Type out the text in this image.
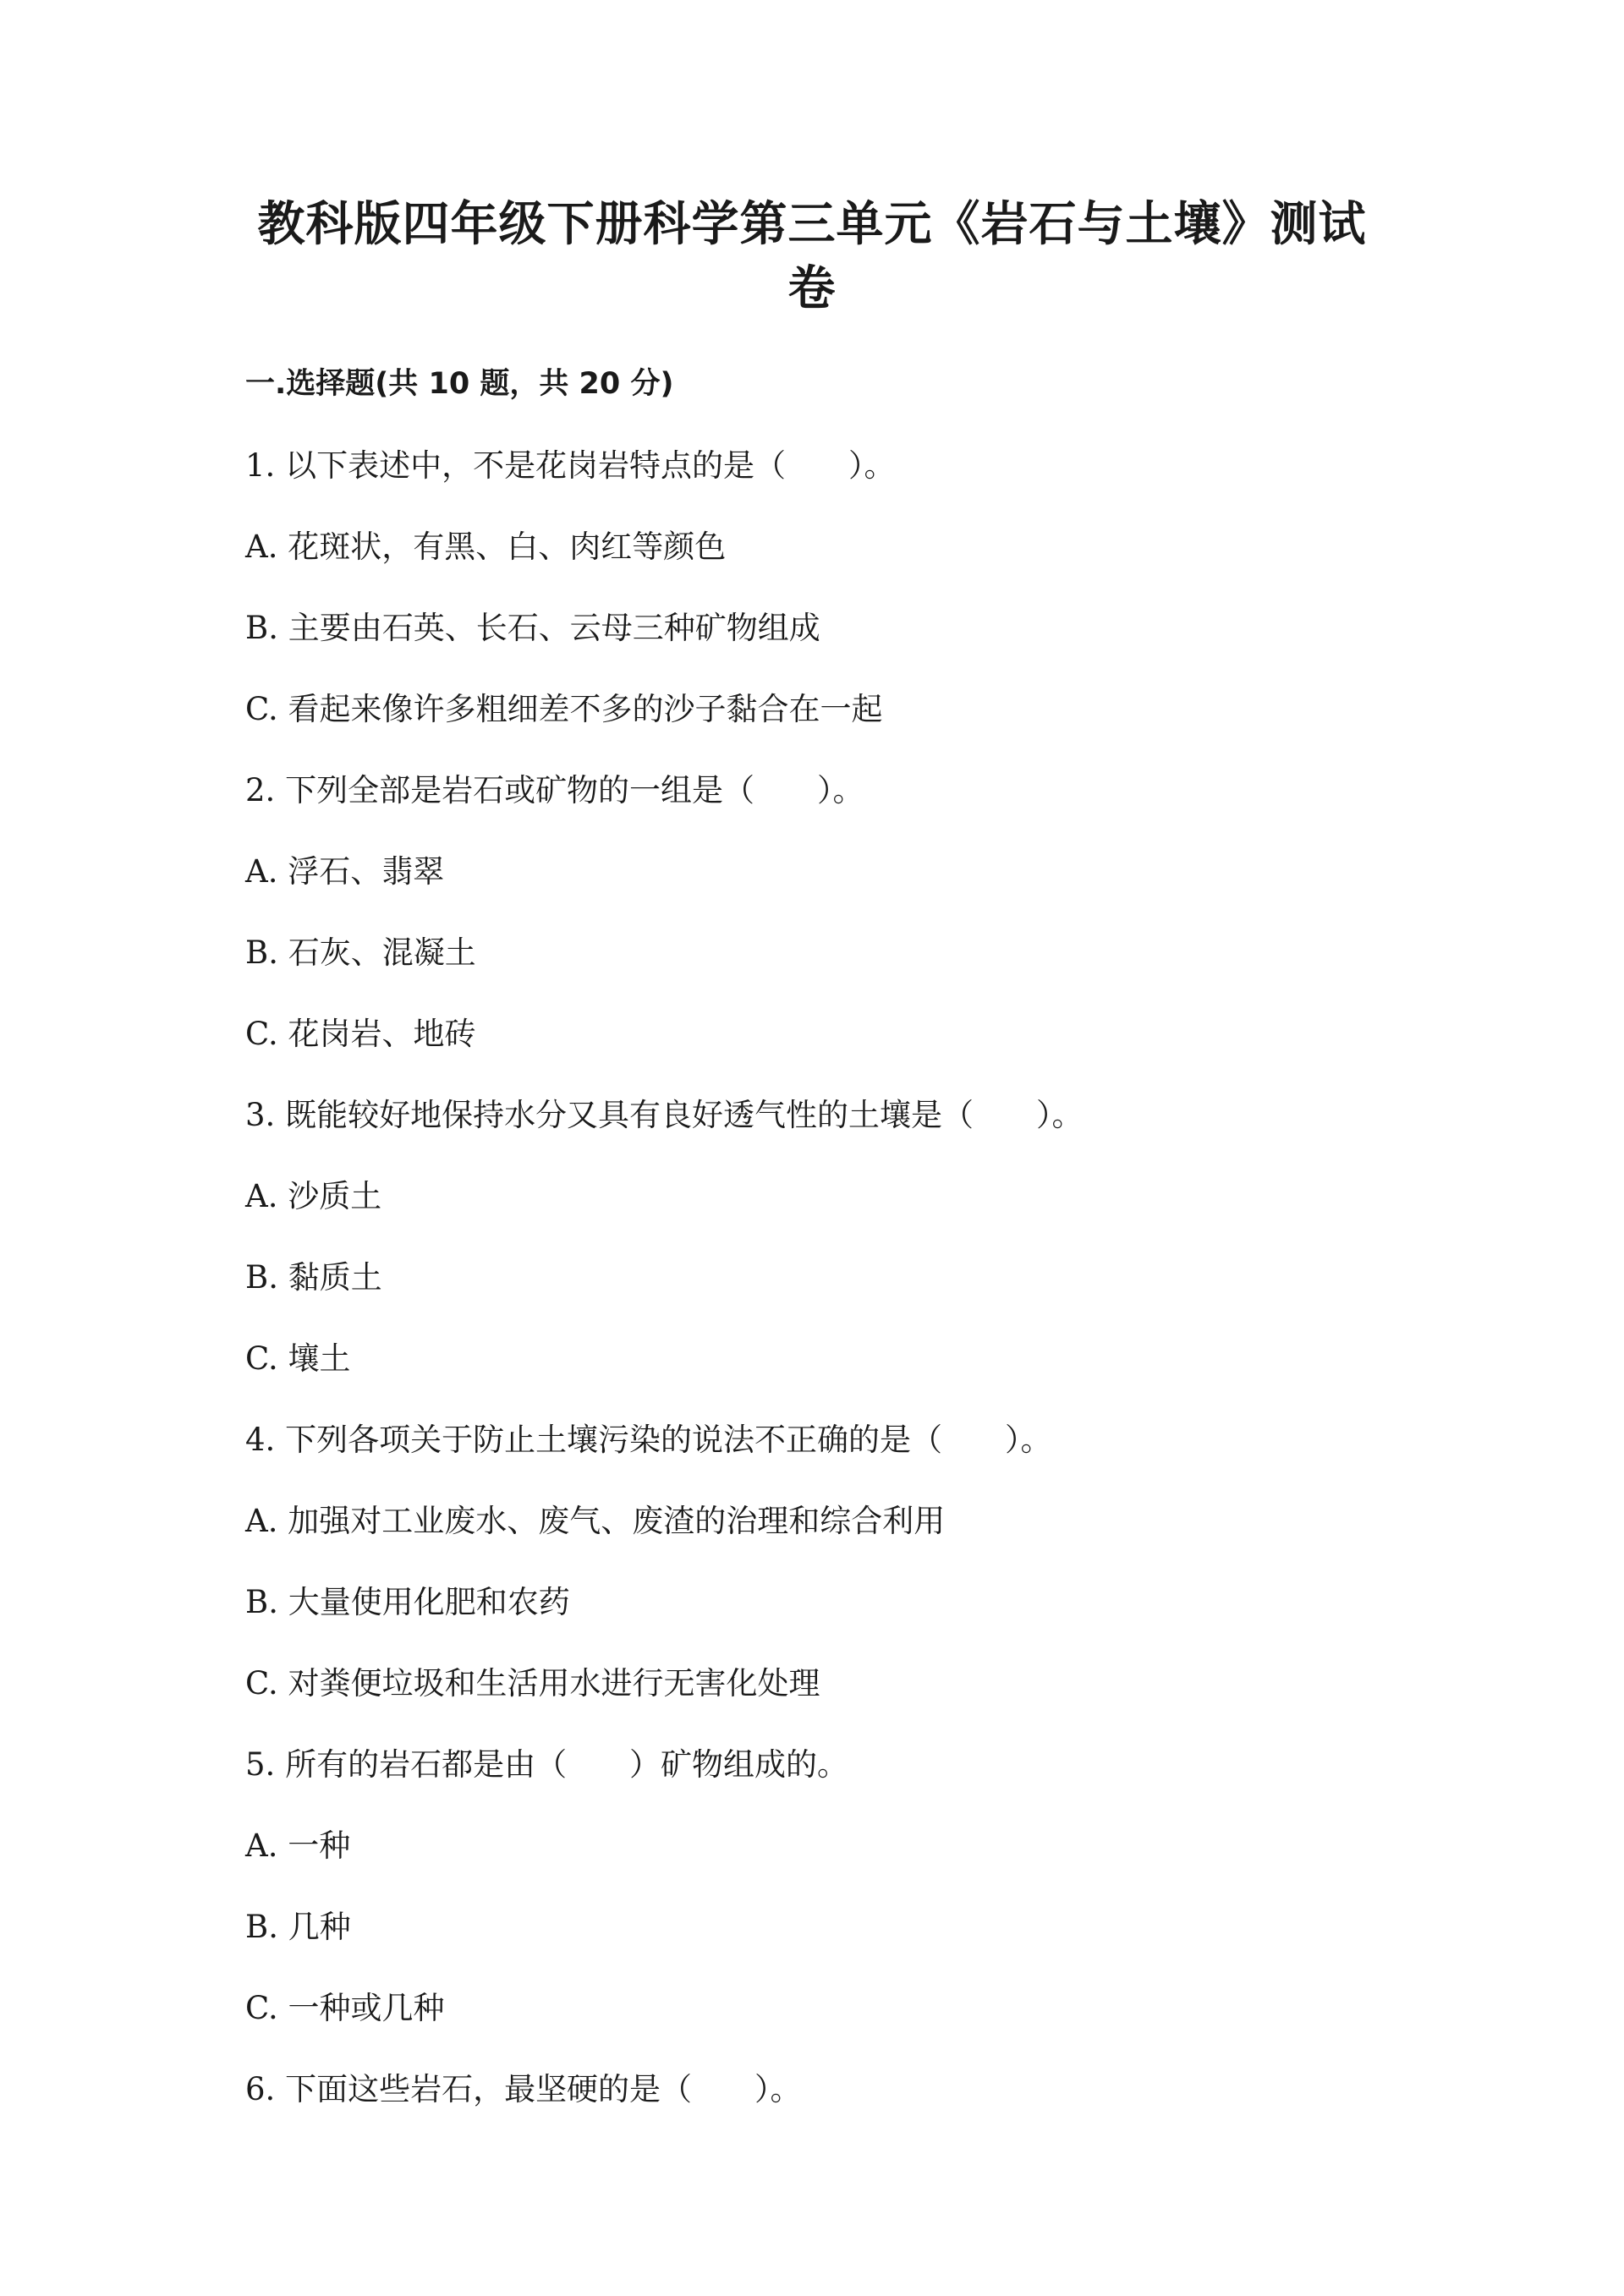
教科版四年级下册科学第三单元《岩石与土壤》测试卷
一.选择题(共 10 题，共 20 分)

1. 以下表述中，不是花岗岩特点的是（　　）。

A. 花斑状，有黑、白、肉红等颜色

B. 主要由石英、长石、云母三种矿物组成

C. 看起来像许多粗细差不多的沙子黏合在一起

2. 下列全部是岩石或矿物的一组是（　　）。

A. 浮石、翡翠

B. 石灰、混凝土

C. 花岗岩、地砖

3. 既能较好地保持水分又具有良好透气性的土壤是（　　）。

A. 沙质土

B. 黏质土

C. 壤土

4. 下列各项关于防止土壤污染的说法不正确的是（　　）。

A. 加强对工业废水、废气、废渣的治理和综合利用

B. 大量使用化肥和农药

C. 对粪便垃圾和生活用水进行无害化处理

5. 所有的岩石都是由（　　）矿物组成的。

A. 一种

B. 几种

C. 一种或几种

6. 下面这些岩石，最坚硬的是（　　）。
